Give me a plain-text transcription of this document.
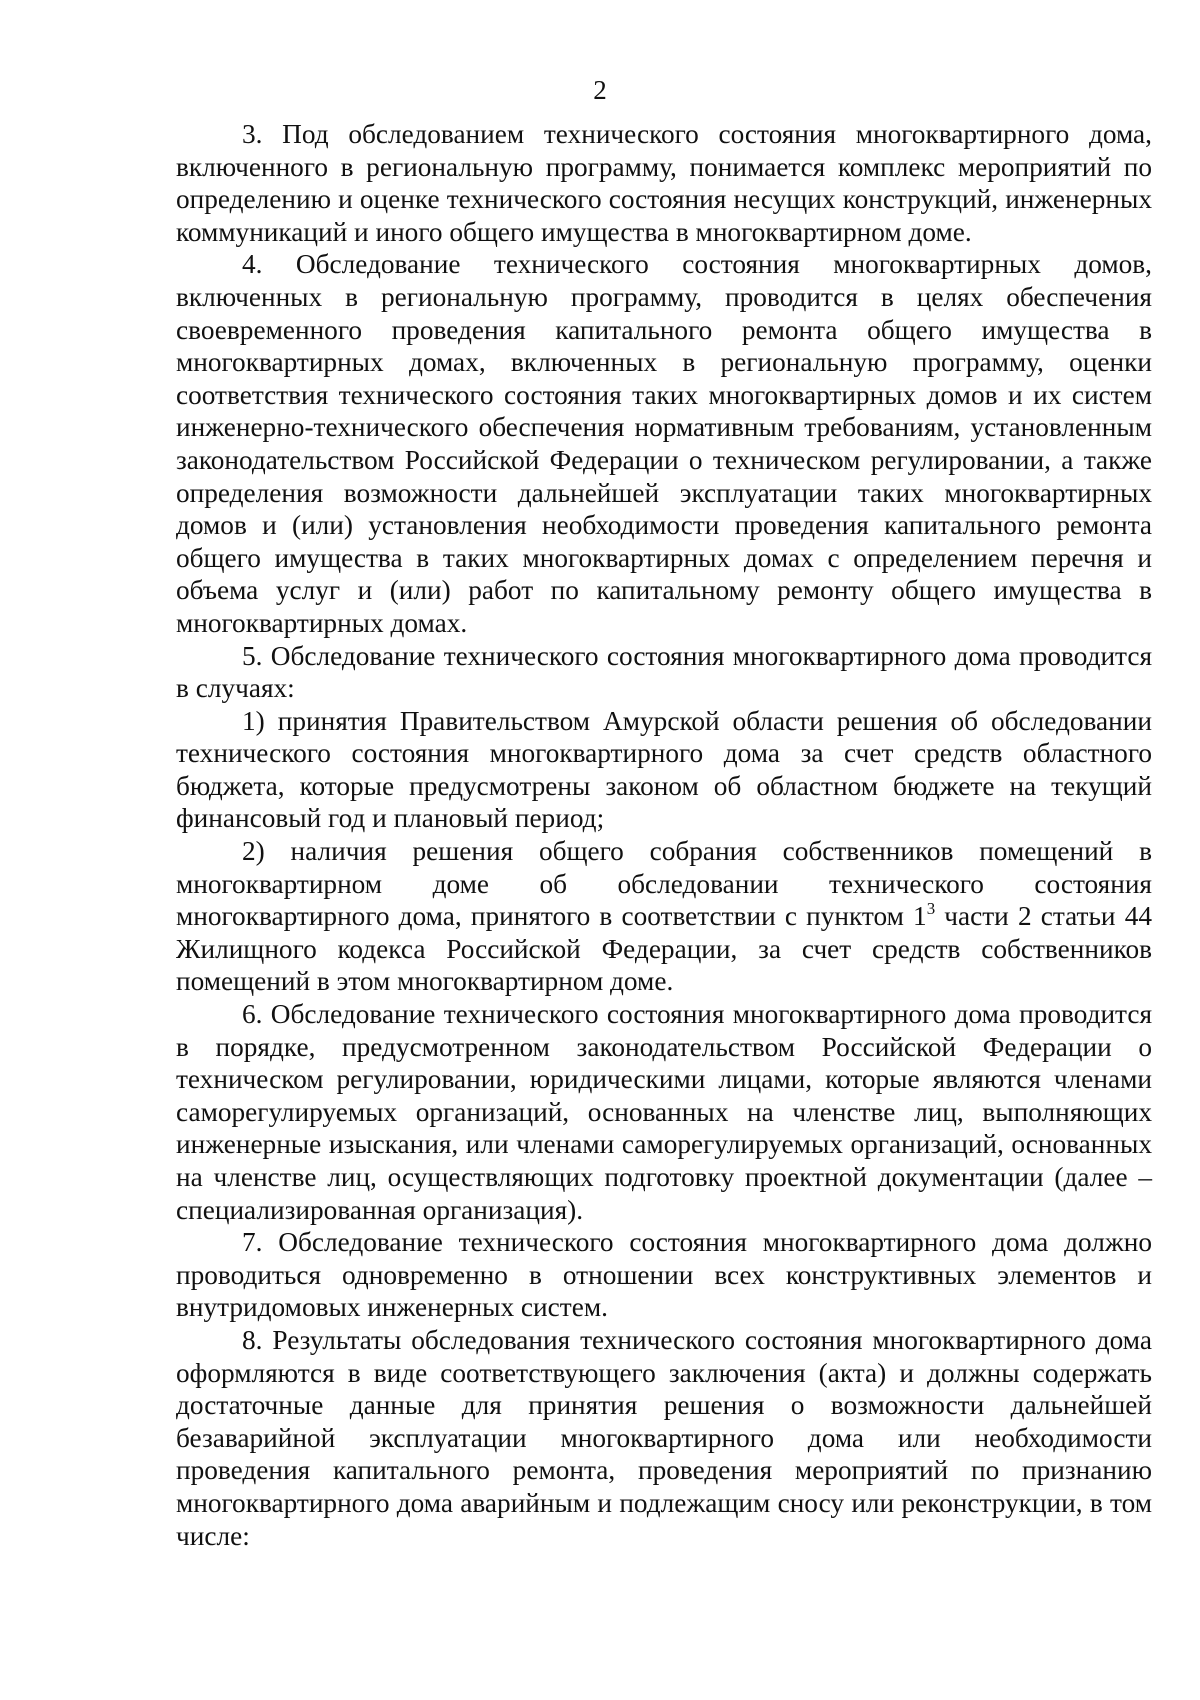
2

3. Под обследованием технического состояния многоквартирного дома, включенного в региональную программу, понимается комплекс мероприятий по определению и оценке технического состояния несущих конструкций, инженерных коммуникаций и иного общего имущества в многоквартирном доме.

4. Обследование технического состояния многоквартирных домов, включенных в региональную программу, проводится в целях обеспечения своевременного проведения капитального ремонта общего имущества в многоквартирных домах, включенных в региональную программу, оценки соответствия технического состояния таких многоквартирных домов и их систем инженерно-технического обеспечения нормативным требованиям, установленным законодательством Российской Федерации о техническом регулировании, а также определения возможности дальнейшей эксплуатации таких многоквартирных домов и (или) установления необходимости проведения капитального ремонта общего имущества в таких многоквартирных домах с определением перечня и объема услуг и (или) работ по капитальному ремонту общего имущества в многоквартирных домах.

5. Обследование технического состояния многоквартирного дома проводится в случаях:

1) принятия Правительством Амурской области решения об обследовании технического состояния многоквартирного дома за счет средств областного бюджета, которые предусмотрены законом об областном бюджете на текущий финансовый год и плановый период;

2) наличия решения общего собрания собственников помещений в многоквартирном доме об обследовании технического состояния многоквартирного дома, принятого в соответствии с пунктом $1^3$ части 2 статьи 44 Жилищного кодекса Российской Федерации, за счет средств собственников помещений в этом многоквартирном доме.

6. Обследование технического состояния многоквартирного дома проводится в порядке, предусмотренном законодательством Российской Федерации о техническом регулировании, юридическими лицами, которые являются членами саморегулируемых организаций, основанных на членстве лиц, выполняющих инженерные изыскания, или членами саморегулируемых организаций, основанных на членстве лиц, осуществляющих подготовку проектной документации (далее – специализированная организация).

7. Обследование технического состояния многоквартирного дома должно проводиться одновременно в отношении всех конструктивных элементов и внутридомовых инженерных систем.

8. Результаты обследования технического состояния многоквартирного дома оформляются в виде соответствующего заключения (акта) и должны содержать достаточные данные для принятия решения о возможности дальнейшей безаварийной эксплуатации многоквартирного дома или необходимости проведения капитального ремонта, проведения мероприятий по признанию многоквартирного дома аварийным и подлежащим сносу или реконструкции, в том числе:
